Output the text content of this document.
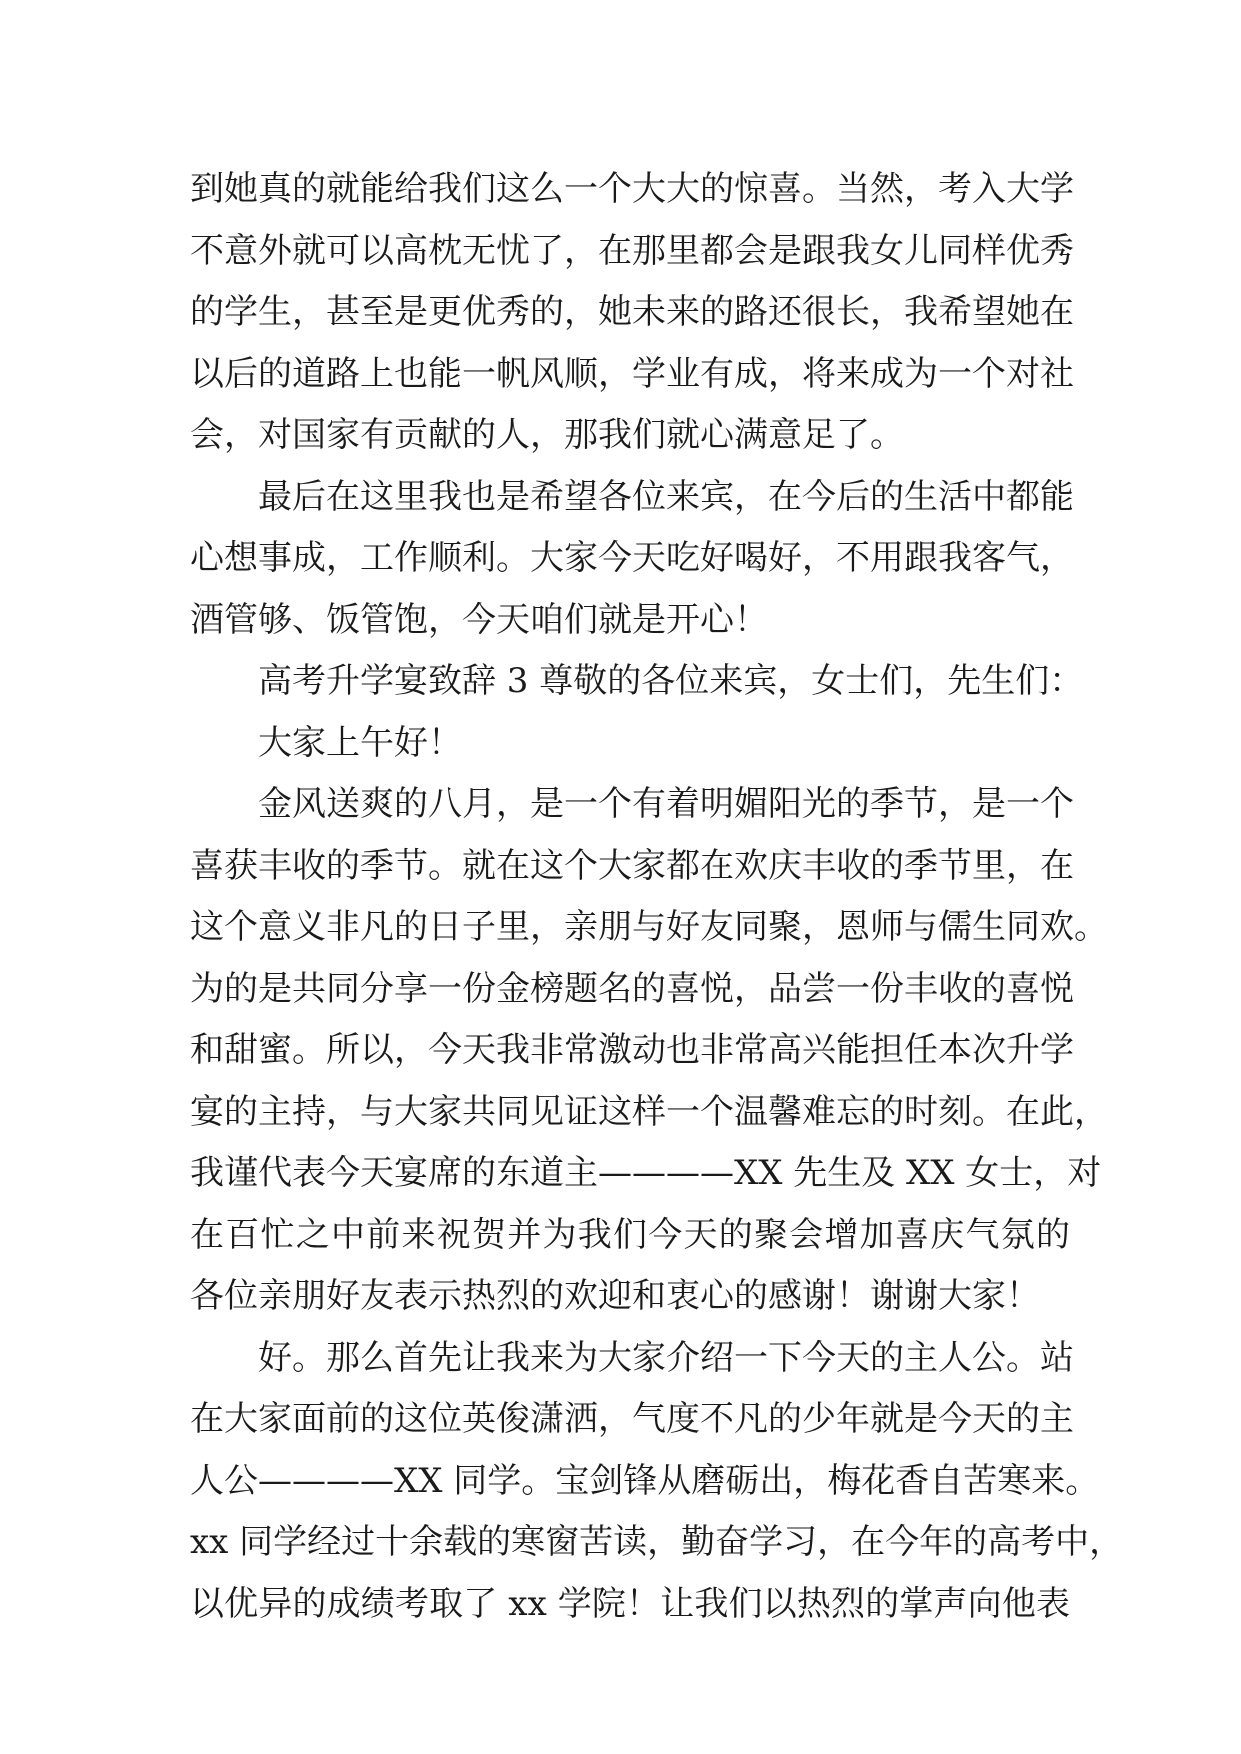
到她真的就能给我们这么一个大大的惊喜。当然，考入大学
不意外就可以高枕无忧了，在那里都会是跟我女儿同样优秀
的学生，甚至是更优秀的，她未来的路还很长，我希望她在
以后的道路上也能一帆风顺，学业有成，将来成为一个对社
会，对国家有贡献的人，那我们就心满意足了。
最后在这里我也是希望各位来宾，在今后的生活中都能
心想事成，工作顺利。大家今天吃好喝好，不用跟我客气，
酒管够、饭管饱，今天咱们就是开心！
高考升学宴致辞 3 尊敬的各位来宾，女士们，先生们：
大家上午好！
金风送爽的八月，是一个有着明媚阳光的季节，是一个
喜获丰收的季节。就在这个大家都在欢庆丰收的季节里，在
这个意义非凡的日子里，亲朋与好友同聚，恩师与儒生同欢。
为的是共同分享一份金榜题名的喜悦，品尝一份丰收的喜悦
和甜蜜。所以，今天我非常激动也非常高兴能担任本次升学
宴的主持，与大家共同见证这样一个温馨难忘的时刻。在此，
我谨代表今天宴席的东道主————XX 先生及 XX 女士，对
在百忙之中前来祝贺并为我们今天的聚会增加喜庆气氛的
各位亲朋好友表示热烈的欢迎和衷心的感谢！谢谢大家！
好。那么首先让我来为大家介绍一下今天的主人公。站
在大家面前的这位英俊潇洒，气度不凡的少年就是今天的主
人公————XX 同学。宝剑锋从磨砺出，梅花香自苦寒来。
xx 同学经过十余载的寒窗苦读，勤奋学习，在今年的高考中，
以优异的成绩考取了 xx 学院！让我们以热烈的掌声向他表
